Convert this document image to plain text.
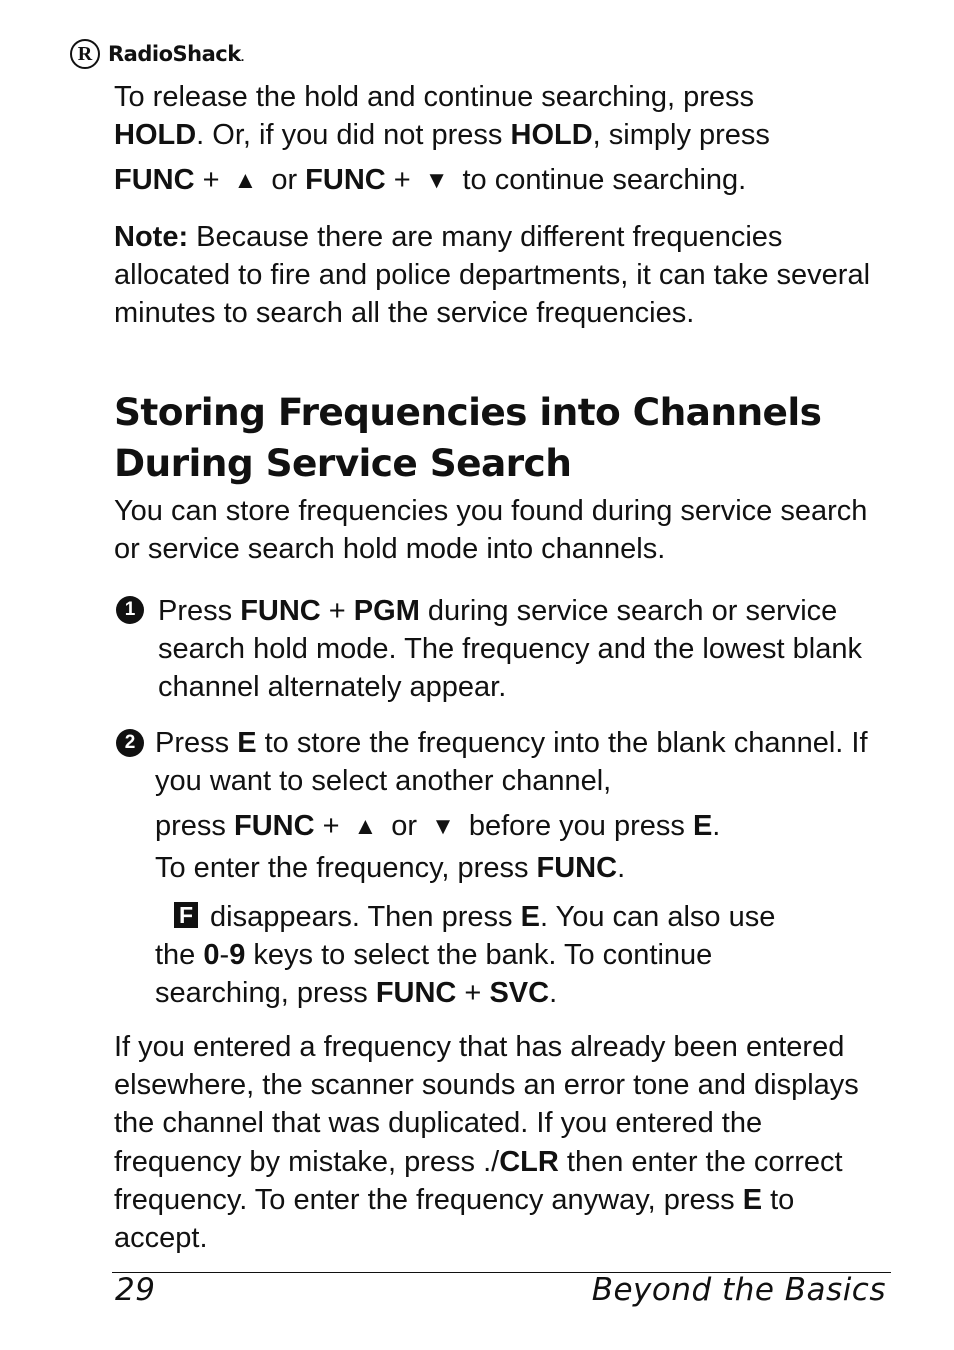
R RadioShack.
To release the hold and continue searching, press
HOLD. Or, if you did not press HOLD, simply press
FUNC + ▲ or FUNC + ▼ to continue searching.

Note: Because there are many different frequencies allocated to fire and police departments, it can take several minutes to search all the service frequencies.

Storing Frequencies into Channels
During Service Search

You can store frequencies you found during service search or service search hold mode into channels.

1 Press FUNC + PGM during service search or service search hold mode. The frequency and the lowest blank channel alternately appear.

2 Press E to store the frequency into the blank channel. If you want to select another channel,
press FUNC + ▲ or ▼ before you press E.
To enter the frequency, press FUNC.
F disappears. Then press E. You can also use
the 0-9 keys to select the bank. To continue
searching, press FUNC + SVC.

If you entered a frequency that has already been entered elsewhere, the scanner sounds an error tone and displays the channel that was duplicated. If you entered the frequency by mistake, press ./CLR then enter the correct frequency. To enter the frequency anyway, press E to accept.

29	Beyond the Basics
